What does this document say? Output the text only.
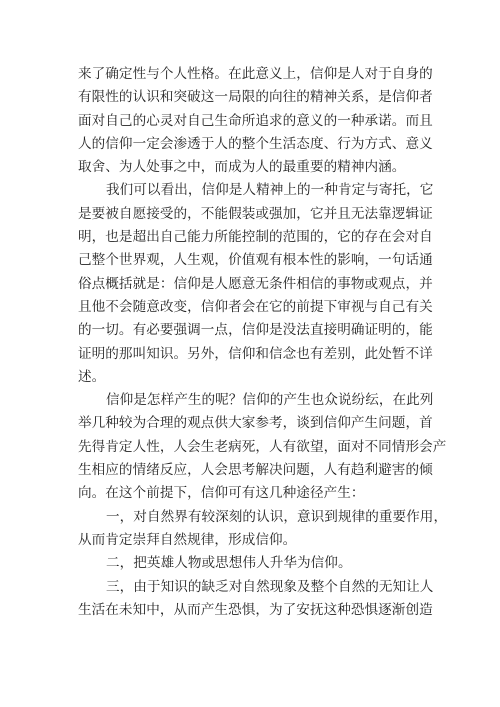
来了确定性与个人性格。在此意义上，信仰是人对于自身的
有限性的认识和突破这一局限的向往的精神关系，是信仰者
面对自己的心灵对自己生命所追求的意义的一种承诺。而且
人的信仰一定会渗透于人的整个生活态度、行为方式、意义
取舍、为人处事之中，而成为人的最重要的精神内涵。
我们可以看出，信仰是人精神上的一种肯定与寄托，它
是要被自愿接受的，不能假装或强加，它并且无法靠逻辑证
明，也是超出自己能力所能控制的范围的，它的存在会对自
己整个世界观，人生观，价值观有根本性的影响，一句话通
俗点概括就是：信仰是人愿意无条件相信的事物或观点，并
且他不会随意改变，信仰者会在它的前提下审视与自己有关
的一切。有必要强调一点，信仰是没法直接明确证明的，能
证明的那叫知识。另外，信仰和信念也有差别，此处暂不详
述。
信仰是怎样产生的呢？信仰的产生也众说纷纭，在此列
举几种较为合理的观点供大家参考，谈到信仰产生问题，首
先得肯定人性，人会生老病死，人有欲望，面对不同情形会产
生相应的情绪反应，人会思考解决问题，人有趋利避害的倾
向。在这个前提下，信仰可有这几种途径产生：
一，对自然界有较深刻的认识，意识到规律的重要作用，
从而肯定崇拜自然规律，形成信仰。
二，把英雄人物或思想伟人升华为信仰。
三，由于知识的缺乏对自然现象及整个自然的无知让人
生活在未知中，从而产生恐惧，为了安抚这种恐惧逐渐创造
